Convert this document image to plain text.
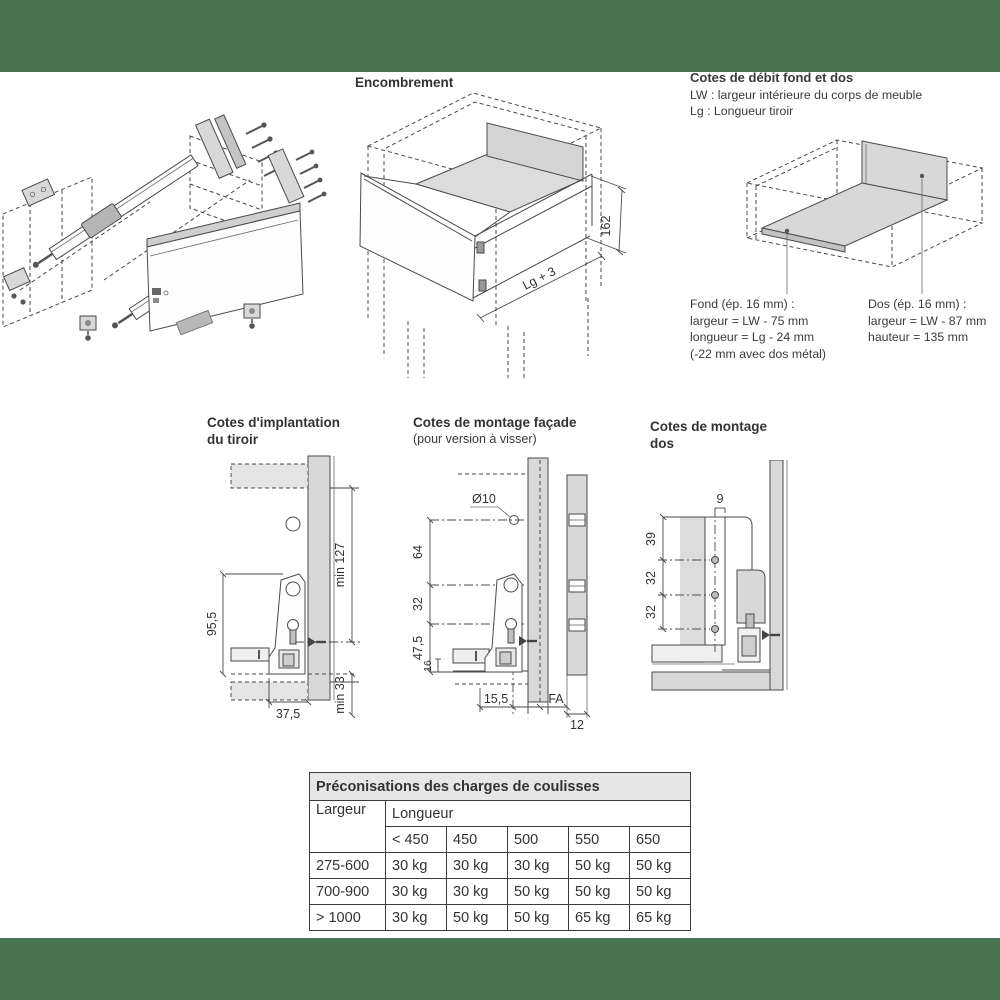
Encombrement
162
Lg + 3
Cotes de débit fond et dos
LW : largeur intérieure du corps de meuble
Lg : Longueur tiroir
Fond (ép. 16 mm) :
largeur = LW - 75 mm
longueur = Lg - 24 mm
(-22 mm avec dos métal)
Dos (ép. 16 mm) :
largeur = LW - 87 mm
hauteur = 135 mm
Cotes d'implantation
du tiroir
95,5
37,5
min 127
min 33
Cotes de montage façade
(pour version à visser)
Ø10
64
32
47,5
16
15,5	FA
12
Cotes de montage
dos
9
39
32
32
Préconisations des charges de coulisses					
Largeur	Longueur				
	< 450	450	500	550	650
275-600	30 kg	30 kg	30 kg	50 kg	50 kg
700-900	30 kg	30 kg	50 kg	50 kg	50 kg
> 1000	30 kg	50 kg	50 kg	65 kg	65 kg
